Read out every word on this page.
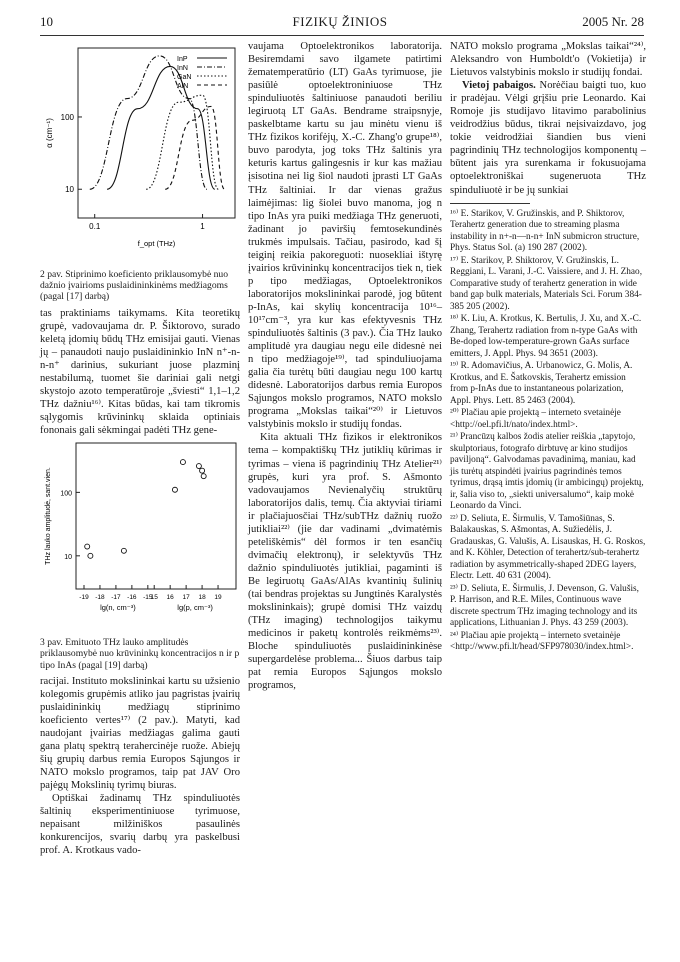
10	FIZIKŲ ŽINIOS	2005 Nr. 28
10
100
0.1	1
f_opt (THz)
α (cm⁻¹)
InP
InN
GaN
AlN
2 pav. Stiprinimo koeficiento priklausomybė nuo dažnio įvairioms puslaidininkinėms medžiagoms (pagal [17] darbą)

tas praktiniams taikymams. Kita teoretikų grupė, vadovaujama dr. P. Šiktorovo, surado keletą įdomių būdų THz emisijai gauti. Vienas jų – panaudoti naujo puslaidininkio InN n⁺-n-n-n⁺ darinius, sukuriant juose plazminį nestabilumą, tuomet šie dariniai gali netgi skystojo azoto temperatūroje „šviesti“ 1,1–1,2 THz dažniu¹⁶⁾. Kitas būdas, kai tam tikromis sąlygomis krūvininkų sklaida optiniais fononais gali sėkmingai padėti THz gene-

10
100
-19 -18 -17 -16 -15
15 16 17 18 19
lg(n, cm⁻³)	lg(p, cm⁻³)
THz lauko amplitudė, sant.vien.
3 pav. Emituoto THz lauko amplitudės priklausomybė nuo krūvininkų koncentracijos n ir p tipo InAs (pagal [19] darbą)

racijai. Instituto mokslininkai kartu su užsienio kolegomis grupėmis atliko jau pagristas įvairių puslaidininkių medžiagų stiprinimo koeficiento vertes¹⁷⁾ (2 pav.). Matyti, kad naudojant įvairias medžiagas galima gauti gana platų spektrą terahercinėje ruože. Abiejų šių grupių darbus remia Europos Sąjungos ir NATO mokslo programos, taip pat JAV Oro pajėgų Mokslinių tyrimų biuras.

Optiškai žadinamų THz spinduliuotės šaltinių eksperimentiniuose tyrimuose, nepaisant milžiniškos pasaulinės konkurencijos, svarių darbų yra paskelbusi prof. A. Krotkaus vado-

vaujama Optoelektronikos laboratorija. Besiremdami savo ilgamete patirtimi žematemperatūrio (LT) GaAs tyrimuose, jie pasiūlė optoelektroniniuose THz spinduliuotės šaltiniuose panaudoti beriliu legiruotą LT GaAs. Bendrame straipsnyje, paskelbtame kartu su jau minėtu vienu iš THz fizikos korifėjų, X.-C. Zhang'o grupe¹⁸⁾, buvo parodyta, jog toks THz šaltinis yra keturis kartus galingesnis ir kur kas mažiau įsisotina nei lig šiol naudoti įprasti LT GaAs THz šaltiniai. Ir dar vienas gražus laimėjimas: lig šiolei buvo manoma, jog n tipo InAs yra puiki medžiaga THz generuoti, žadinant jo paviršių femtosekundinės trukmės impulsais. Tačiau, pasirodo, kad šį teiginį reikia pakoreguoti: nuosekliai ištyrę įvairios krūvininkų koncentracijos tiek n, tiek p tipo medžiagas, Optoelektronikos laboratorijos mokslininkai parodė, jog būtent p-InAs, kai skylių koncentracija 10¹⁶–10¹⁷cm⁻³, yra kur kas efektyvesnis THz spinduliuotės šaltinis (3 pav.). Čia THz lauko amplitudė yra daugiau negu eile didesnė nei n tipo medžiagoje¹⁹⁾, tad spinduliuojama galia čia turėtų būti daugiau negu 100 kartų didesnė. Laboratorijos darbus remia Europos Sąjungos mokslo programos, NATO mokslo programa „Mokslas taikai“²⁰⁾ ir Lietuvos valstybinis mokslo ir studijų fondas.

Kita aktuali THz fizikos ir elektronikos tema – kompaktiškų THz jutiklių kūrimas ir tyrimas – viena iš pagrindinių THz Atelier²¹⁾ grupės, kuri yra prof. S. Ašmonto vadovaujamos Nevienalyčių struktūrų laboratorijos dalis, temų. Čia aktyviai tiriami ir plačiajuosčiai THz/subTHz dažnių ruožo jutikliai²²⁾ (jie dar vadinami „dvimatėmis peteliškėmis“ dėl formos ir ten esančių dvimačių elektronų), ir selektyvūs THz dažnio spinduliuotės jutikliai, pagaminti iš Be legiruotų GaAs/AlAs kvantinių šulinių (tai bendras projektas su Jungtinės Karalystės mokslininkais); grupė domisi THz vaizdų (THz imaging) technologijos taikymu medicinos ir paketų kontrolės reikmėms²³⁾. Bloche spinduliuotės puslaidininkinėse supergardelėse problema... Šiuos darbus taip pat remia Europos Sąjungos mokslo programos,

NATO mokslo programa „Mokslas taikai“²⁴⁾, Aleksandro von Humboldt'o (Vokietija) ir Lietuvos valstybinis mokslo ir studijų fondai.

Vietoj pabaigos. Norėčiau baigti tuo, kuo ir pradėjau. Vėlgi grįšiu prie Leonardo. Kai Romoje jis studijavo litavimo parabolinius veidrodžius būdus, tikrai neįsivaizdavo, jog tokie veidrodžiai šiandien bus vieni pagrindinių THz technologijos komponentų – būtent jais yra surenkama ir fokusuojama optoelektroniškai sugeneruota THz spinduliuotė ir be jų sunkiai

¹⁶⁾ E. Starikov, V. Gružinskis, and P. Shiktorov, Terahertz generation due to streaming plasma instability in n+-n—n-n+ InN submicron structure, Phys. Status Sol. (a) 190 287 (2002).

¹⁷⁾ E. Starikov, P. Shiktorov, V. Gružinskis, L. Reggiani, L. Varani, J.-C. Vaissiere, and J. H. Zhao, Comparative study of terahertz generation in wide band gap bulk materials, Materials Sci. Forum 384-385 205 (2002).

¹⁸⁾ K. Liu, A. Krotkus, K. Bertulis, J. Xu, and X.-C. Zhang, Terahertz radiation from n-type GaAs with Be-doped low-temperature-grown GaAs surface emitters, J. Appl. Phys. 94 3651 (2003).

¹⁹⁾ R. Adomavičius, A. Urbanowicz, G. Molis, A. Krotkus, and E. Šatkovskis, Terahertz emission from p-InAs due to instantaneous polarization, Appl. Phys. Lett. 85 2463 (2004).

²⁰⁾ Plačiau apie projektą – interneto svetainėje <http://oel.pfi.lt/nato/index.html>.

²¹⁾ Prancūzų kalbos žodis atelier reiškia „tapytojo, skulptoriaus, fotografo dirbtuvę ar kino studijos paviljoną“. Galvodamas pavadinimą, maniau, kad jis turėtų atspindėti įvairius pagrindinės temos tyrimus, drąsą imtis įdomių (ir ambicingų) projektų, ir, šalia viso to, „siekti universalumo“, kaip mokė Leonardo da Vinci.

²²⁾ D. Seliuta, E. Širmulis, V. Tamošiūnas, S. Balakauskas, S. Ašmontas, A. Sužiedėlis, J. Gradauskas, G. Valušis, A. Lisauskas, H. G. Roskos, and K. Köhler, Detection of terahertz/sub-terahertz radiation by asymmetrically-shaped 2DEG layers, Electr. Lett. 40 631 (2004).

²³⁾ D. Seliuta, E. Širmulis, J. Devenson, G. Valušis, P. Harrison, and R.E. Miles, Continuous wave discrete spectrum THz imaging technology and its applications, Lithuanian J. Phys. 43 259 (2003).

²⁴⁾ Plačiau apie projektą – interneto svetainėje <http://www.pfi.lt/head/SFP978030/index.html>.
